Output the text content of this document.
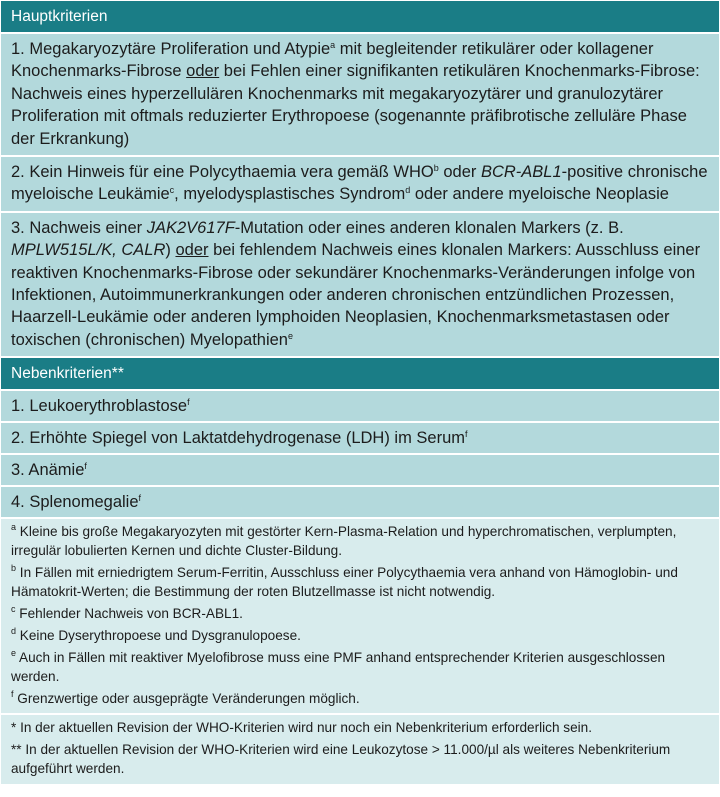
Hauptkriterien
1. Megakaryozytäre Proliferation und Atypie$^a$ mit begleitender retikulärer oder kollagener Knochenmarks-Fibrose oder bei Fehlen einer signifikanten retikulären Knochenmarks-Fibrose: Nachweis eines hyperzellulären Knochenmarks mit megakaryozytärer und granulozytärer Proliferation mit oftmals reduzierter Erythropoese (sogenannte präfibrotische zelluläre Phase der Erkrankung)
2. Kein Hinweis für eine Polycythaemia vera gemäß WHO$^b$ oder BCR-ABL1-positive chronische myeloische Leukämie$^c$, myelodysplastisches Syndrom$^d$ oder andere myeloische Neoplasie
3. Nachweis einer JAK2V617F-Mutation oder eines anderen klonalen Markers (z. B. MPLW515L/K, CALR) oder bei fehlendem Nachweis eines klonalen Markers: Ausschluss einer reaktiven Knochenmarks-Fibrose oder sekundärer Knochenmarks-Veränderungen infolge von Infektionen, Autoimmunerkrankungen oder anderen chronischen entzündlichen Prozessen, Haarzell-Leukämie oder anderen lymphoiden Neoplasien, Knochenmarksmetastasen oder toxischen (chronischen) Myelopathien$^e$
Nebenkriterien**
1. Leukoerythroblastose$^f$
2. Erhöhte Spiegel von Laktatdehydrogenase (LDH) im Serum$^f$
3. Anämie$^f$
4. Splenomegalie$^f$
$^a$ Kleine bis große Megakaryozyten mit gestörter Kern-Plasma-Relation und hyperchromatischen, verplumpten, irregulär lobulierten Kernen und dichte Cluster-Bildung.
$^b$ In Fällen mit erniedrigtem Serum-Ferritin, Ausschluss einer Polycythaemia vera anhand von Hämoglobin- und Hämatokrit-Werten; die Bestimmung der roten Blutzellmasse ist nicht notwendig.
$^c$ Fehlender Nachweis von BCR-ABL1.
$^d$ Keine Dyserythropoese und Dysgranulopoese.
$^e$ Auch in Fällen mit reaktiver Myelofibrose muss eine PMF anhand entsprechender Kriterien ausgeschlossen werden.
$^f$ Grenzwertige oder ausgeprägte Veränderungen möglich.
* In der aktuellen Revision der WHO-Kriterien wird nur noch ein Nebenkriterium erforderlich sein.
** In der aktuellen Revision der WHO-Kriterien wird eine Leukozytose > 11.000/µl als weiteres Nebenkriterium aufgeführt werden.
